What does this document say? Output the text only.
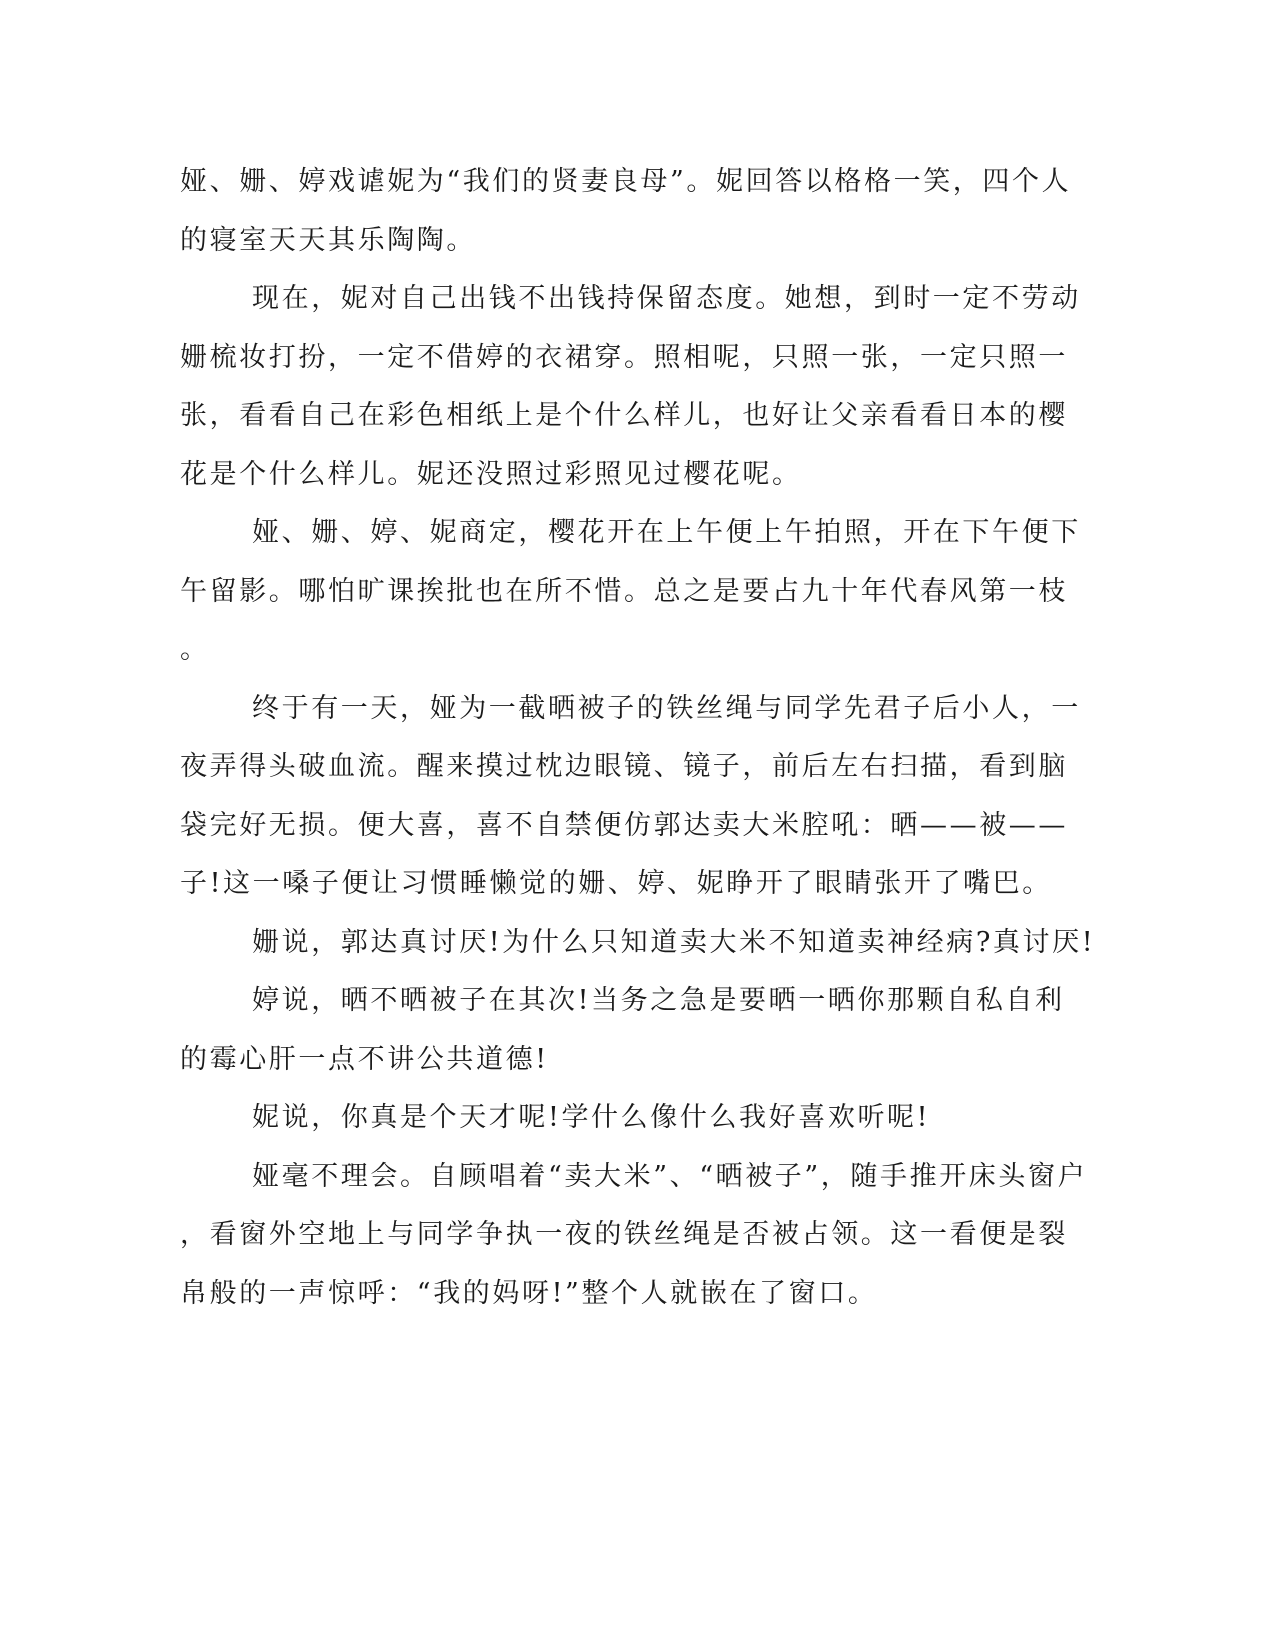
娅、姗、婷戏谑妮为“我们的贤妻良母”。妮回答以格格一笑，四个人
的寝室天天其乐陶陶。
现在，妮对自己出钱不出钱持保留态度。她想，到时一定不劳动
姗梳妆打扮，一定不借婷的衣裙穿。照相呢，只照一张，一定只照一
张，看看自己在彩色相纸上是个什么样儿，也好让父亲看看日本的樱
花是个什么样儿。妮还没照过彩照见过樱花呢。
娅、姗、婷、妮商定，樱花开在上午便上午拍照，开在下午便下
午留影。哪怕旷课挨批也在所不惜。总之是要占九十年代春风第一枝
。
终于有一天，娅为一截晒被子的铁丝绳与同学先君子后小人，一
夜弄得头破血流。醒来摸过枕边眼镜、镜子，前后左右扫描，看到脑
袋完好无损。便大喜，喜不自禁便仿郭达卖大米腔吼：晒——被——
子!这一嗓子便让习惯睡懒觉的姗、婷、妮睁开了眼睛张开了嘴巴。
姗说，郭达真讨厌!为什么只知道卖大米不知道卖神经病?真讨厌!
婷说，晒不晒被子在其次!当务之急是要晒一晒你那颗自私自利
的霉心肝一点不讲公共道德!
妮说，你真是个天才呢!学什么像什么我好喜欢听呢!
娅毫不理会。自顾唱着“卖大米”、“晒被子”，随手推开床头窗户
，看窗外空地上与同学争执一夜的铁丝绳是否被占领。这一看便是裂
帛般的一声惊呼：“我的妈呀!”整个人就嵌在了窗口。
